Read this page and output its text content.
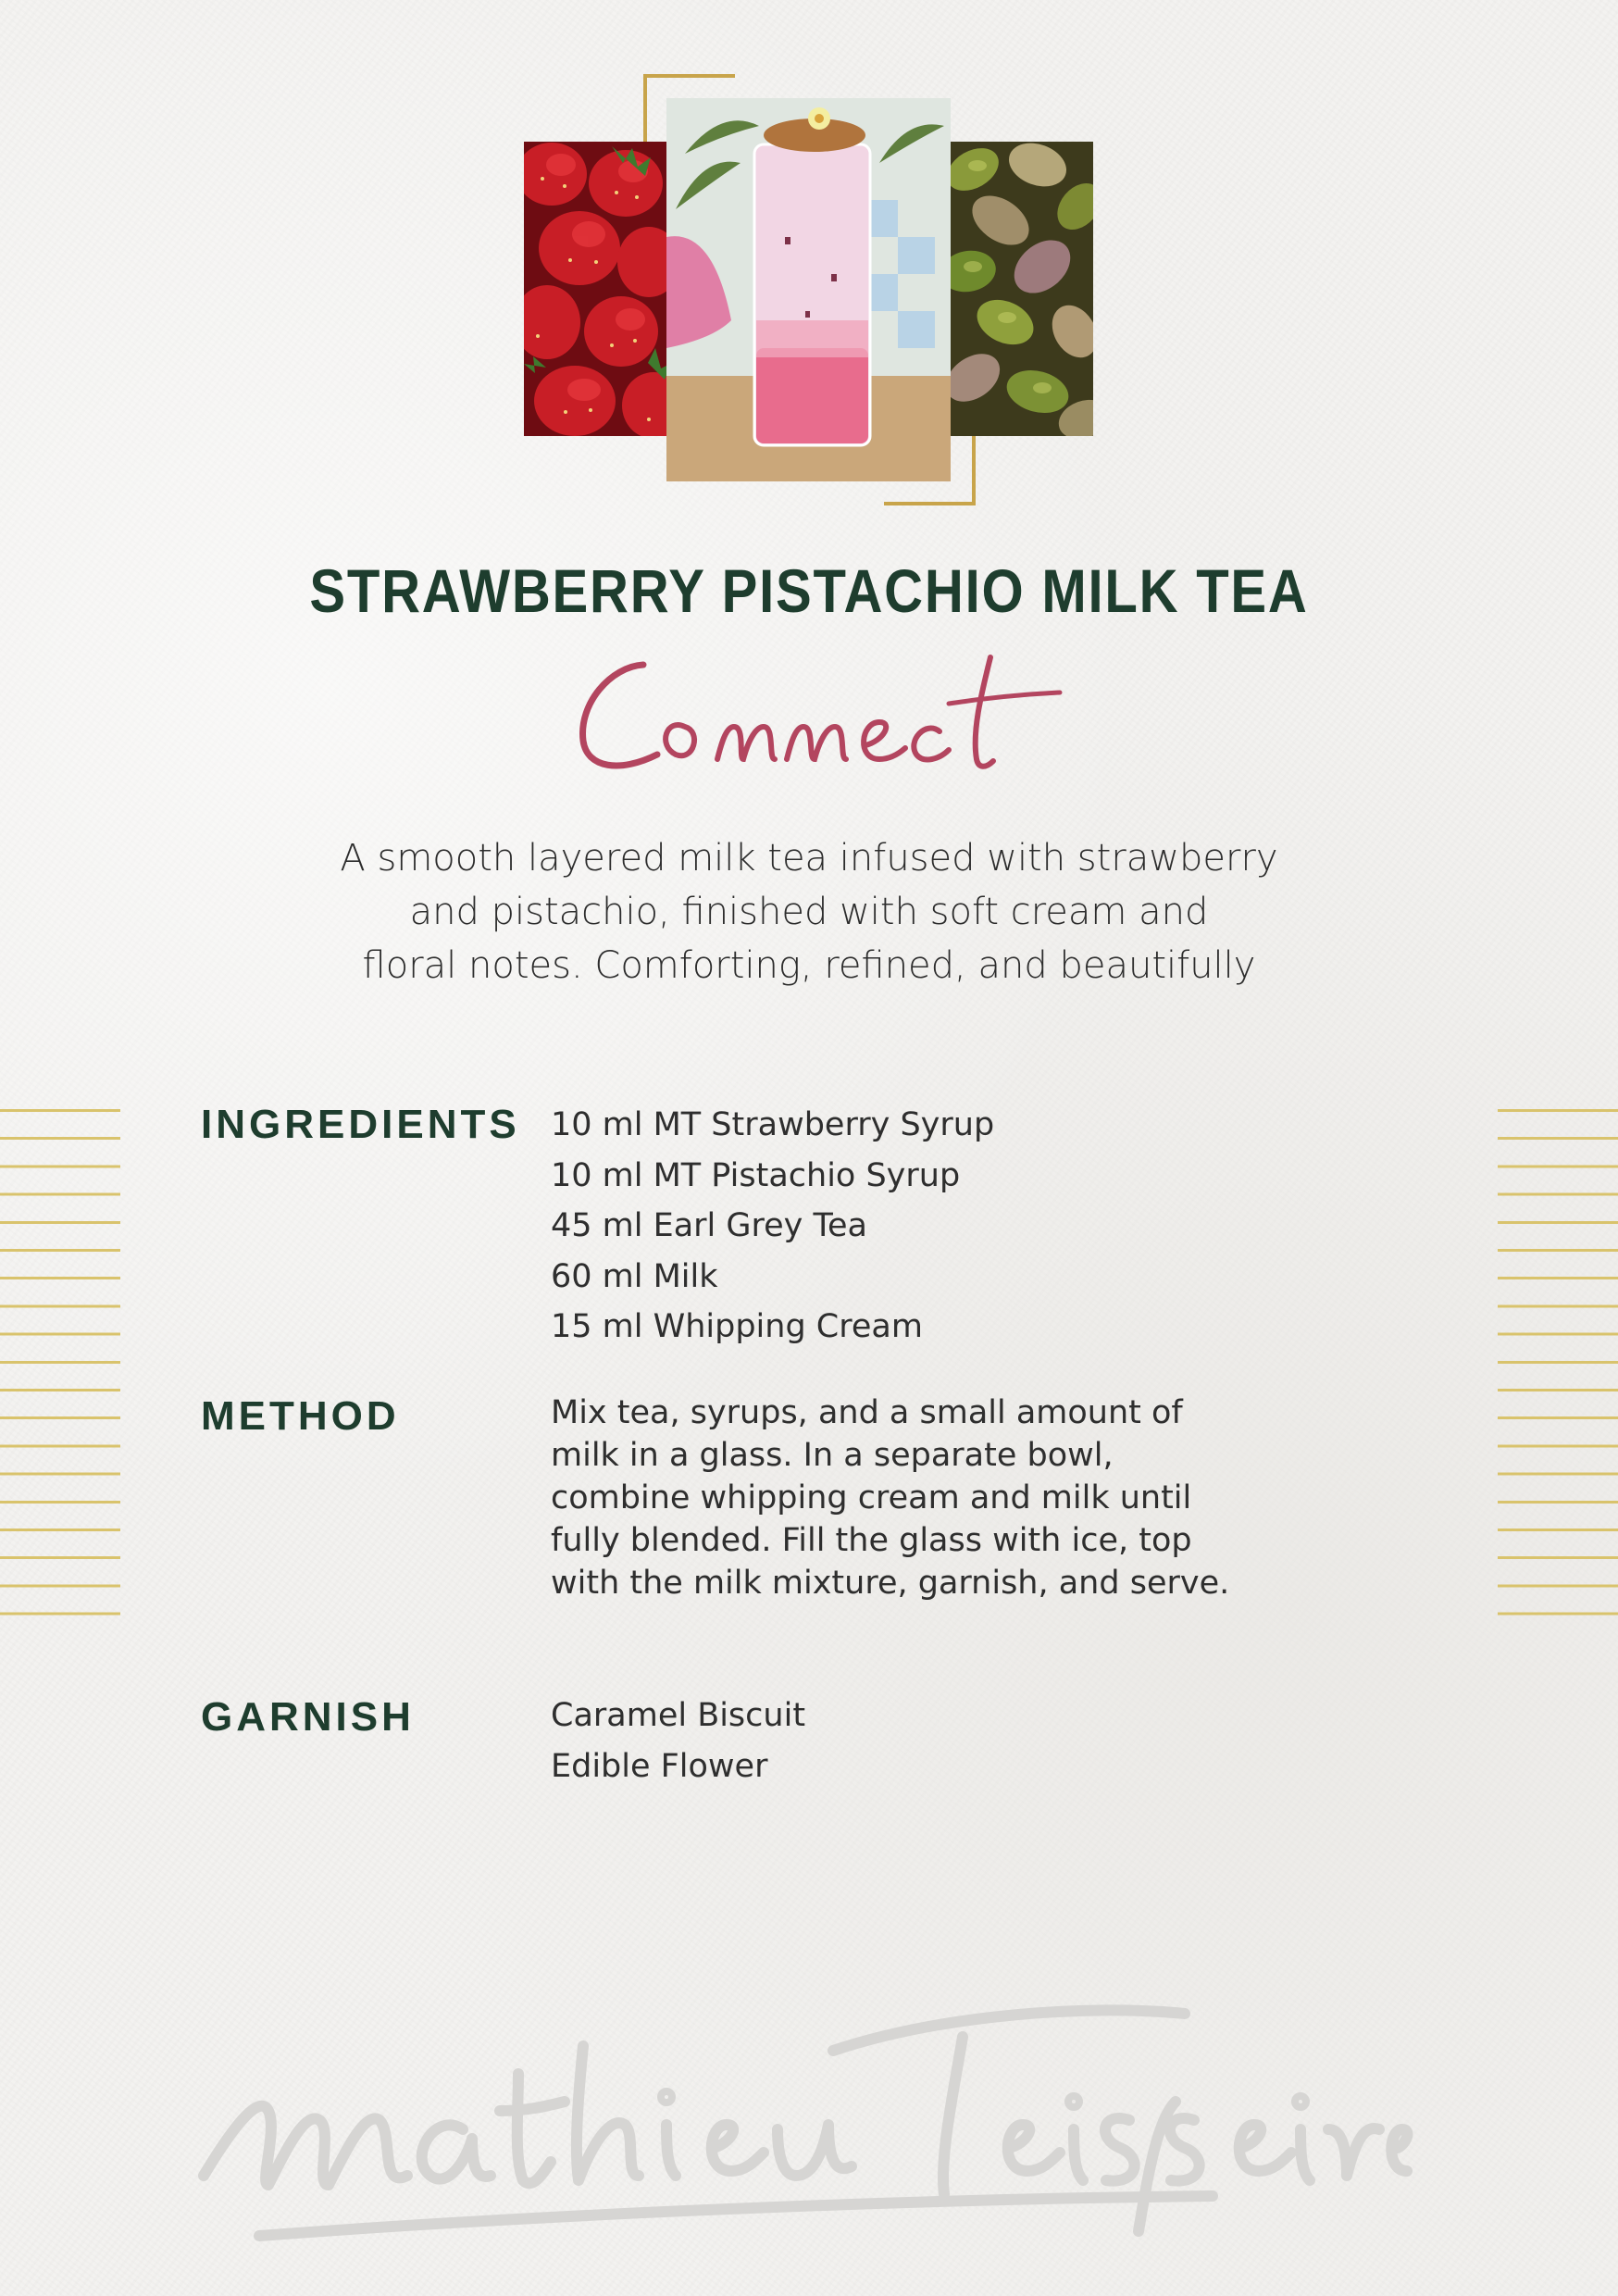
STRAWBERRY PISTACHIO MILK TEA
Connect
A smooth layered milk tea infused with strawberry
and pistachio, finished with soft cream and
floral notes. Comforting, refined, and beautifully
INGREDIENTS 10 ml MT Strawberry Syrup
10 ml MT Pistachio Syrup
45 ml Earl Grey Tea
60 ml Milk
15 ml Whipping Cream
METHOD	Mix tea, syrups, and a small amount of
milk in a glass. In a separate bowl,
combine whipping cream and milk until
fully blended. Fill the glass with ice, top
with the milk mixture, garnish, and serve.
GARNISH	Caramel Biscuit
Edible Flower
mathieu Teisseire
